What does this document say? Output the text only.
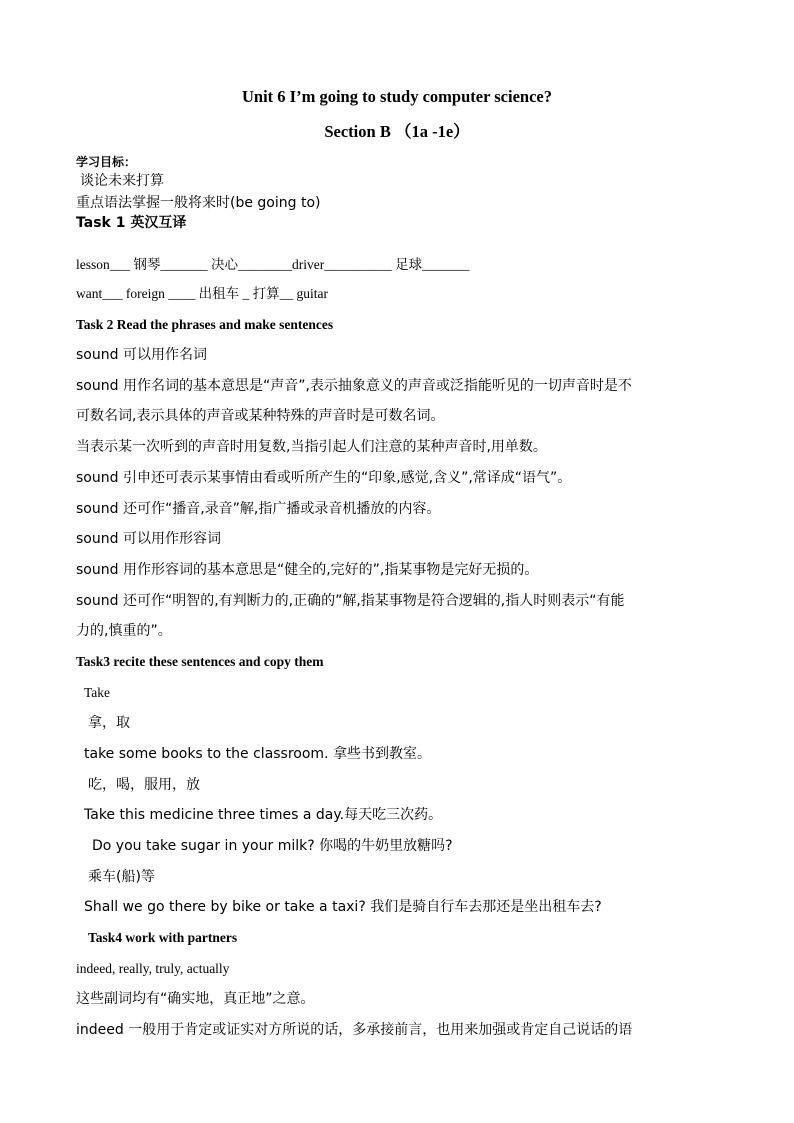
Unit 6 I’m going to study computer science?
Section B （1a -1e）
学习目标：
谈论未来打算
重点语法掌握一般将来时(be going to)
Task 1 英汉互译
lesson___ 钢琴_______ 决心________driver__________ 足球_______
want___ foreign ____ 出租车 _ 打算__ guitar
Task 2 Read the phrases and make sentences
sound 可以用作名词
sound 用作名词的基本意思是“声音”,表示抽象意义的声音或泛指能听见的一切声音时是不
可数名词,表示具体的声音或某种特殊的声音时是可数名词。
当表示某一次听到的声音时用复数,当指引起人们注意的某种声音时,用单数。
sound 引申还可表示某事情由看或听所产生的“印象,感觉,含义”,常译成“语气”。
sound 还可作“播音,录音”解,指广播或录音机播放的内容。
sound 可以用作形容词
sound 用作形容词的基本意思是“健全的,完好的”,指某事物是完好无损的。
sound 还可作“明智的,有判断力的,正确的”解,指某事物是符合逻辑的,指人时则表示“有能
力的,慎重的”。
Task3 recite these sentences and copy them
Take
拿，取
take some books to the classroom. 拿些书到教室。
吃，喝，服用，放
Take this medicine three times a day.每天吃三次药。
Do you take sugar in your milk? 你喝的牛奶里放糖吗?
乘车(船)等
Shall we go there by bike or take a taxi? 我们是骑自行车去那还是坐出租车去?
Task4 work with partners
indeed, really, truly, actually
这些副词均有“确实地，真正地”之意。
indeed 一般用于肯定或证实对方所说的话，多承接前言，也用来加强或肯定自己说话的语
